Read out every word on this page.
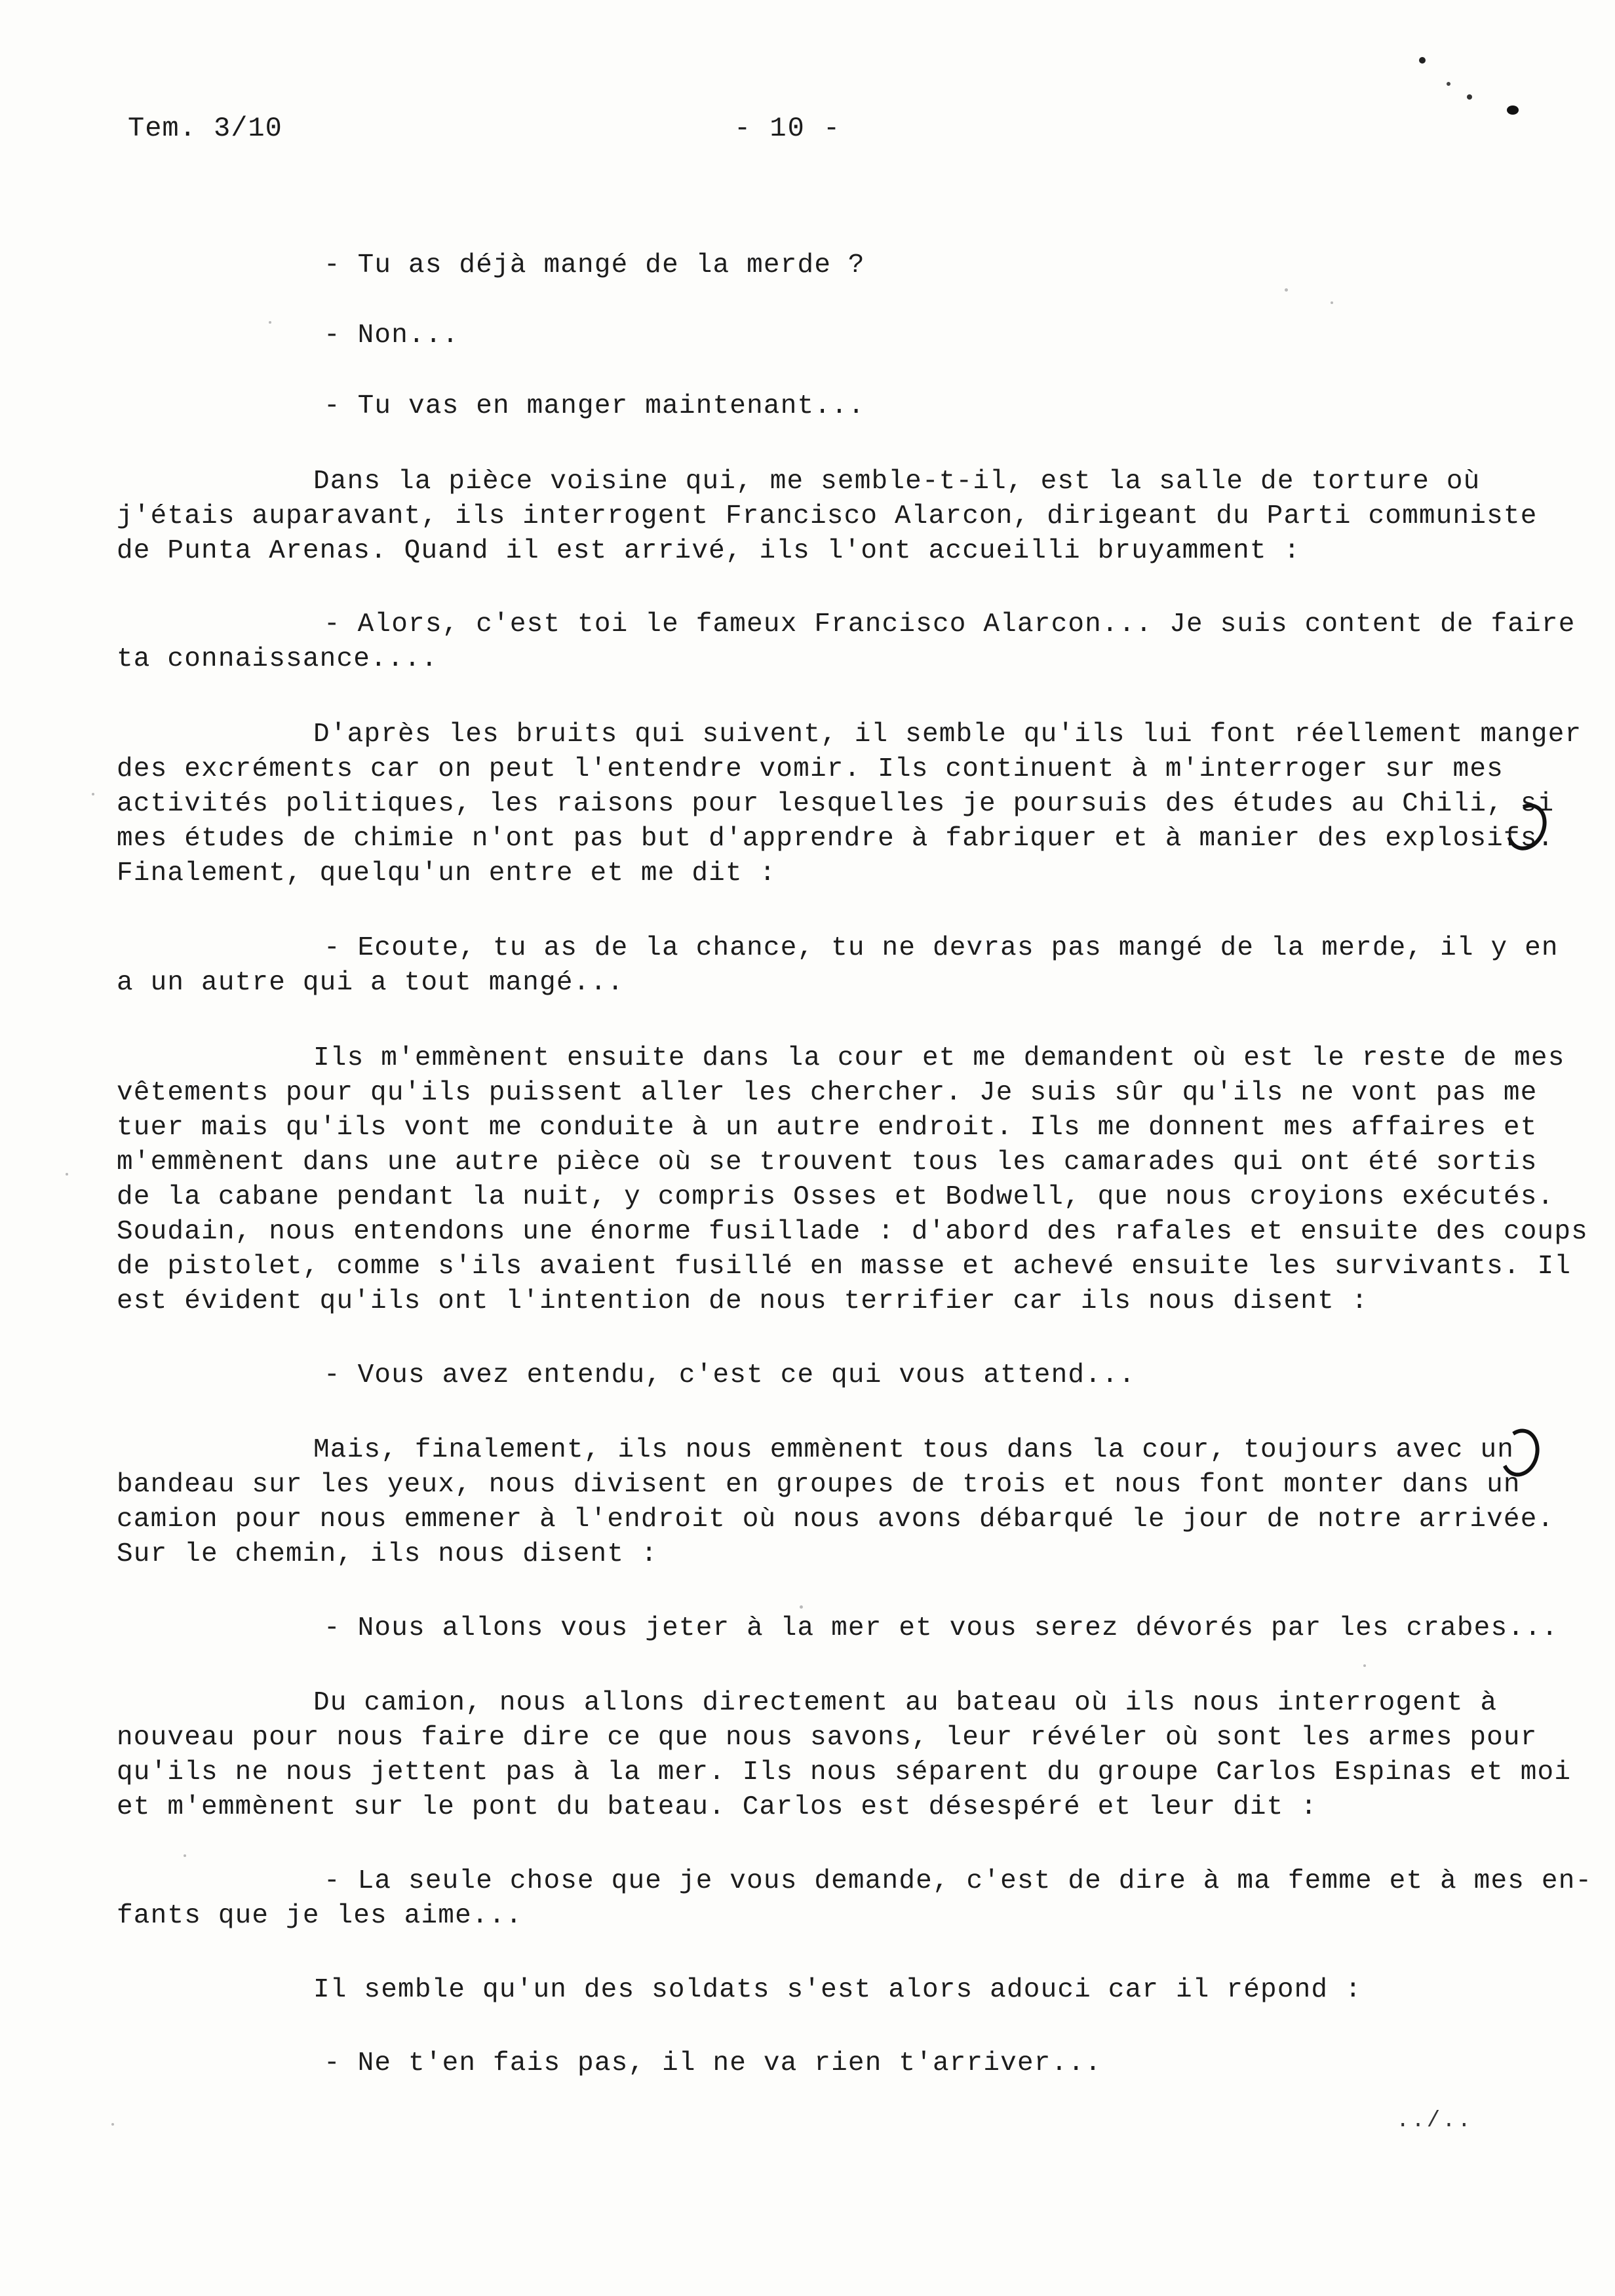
Tem. 3/10	- 10 -
- Tu as déjà mangé de la merde ?
- Non...
- Tu vas en manger maintenant...
Dans la pièce voisine qui, me semble-t-il, est la salle de torture où
j'étais auparavant, ils interrogent Francisco Alarcon, dirigeant du Parti communiste
de Punta Arenas. Quand il est arrivé, ils l'ont accueilli bruyamment :
- Alors, c'est toi le fameux Francisco Alarcon... Je suis content de faire
ta connaissance....
D'après les bruits qui suivent, il semble qu'ils lui font réellement manger
des excréments car on peut l'entendre vomir. Ils continuent à m'interroger sur mes
activités politiques, les raisons pour lesquelles je poursuis des études au Chili, si
mes études de chimie n'ont pas but d'apprendre à fabriquer et à manier des explosifs.
Finalement, quelqu'un entre et me dit :
- Ecoute, tu as de la chance, tu ne devras pas mangé de la merde, il y en
a un autre qui a tout mangé...
Ils m'emmènent ensuite dans la cour et me demandent où est le reste de mes
vêtements pour qu'ils puissent aller les chercher. Je suis sûr qu'ils ne vont pas me
tuer mais qu'ils vont me conduite à un autre endroit. Ils me donnent mes affaires et
m'emmènent dans une autre pièce où se trouvent tous les camarades qui ont été sortis
de la cabane pendant la nuit, y compris Osses et Bodwell, que nous croyions exécutés.
Soudain, nous entendons une énorme fusillade : d'abord des rafales et ensuite des coups
de pistolet, comme s'ils avaient fusillé en masse et achevé ensuite les survivants. Il
est évident qu'ils ont l'intention de nous terrifier car ils nous disent :
- Vous avez entendu, c'est ce qui vous attend...
Mais, finalement, ils nous emmènent tous dans la cour, toujours avec un
bandeau sur les yeux, nous divisent en groupes de trois et nous font monter dans un
camion pour nous emmener à l'endroit où nous avons débarqué le jour de notre arrivée.
Sur le chemin, ils nous disent :
- Nous allons vous jeter à la mer et vous serez dévorés par les crabes...
Du camion, nous allons directement au bateau où ils nous interrogent à
nouveau pour nous faire dire ce que nous savons, leur révéler où sont les armes pour
qu'ils ne nous jettent pas à la mer. Ils nous séparent du groupe Carlos Espinas et moi
et m'emmènent sur le pont du bateau. Carlos est désespéré et leur dit :
- La seule chose que je vous demande, c'est de dire à ma femme et à mes en-
fants que je les aime...
Il semble qu'un des soldats s'est alors adouci car il répond :
- Ne t'en fais pas, il ne va rien t'arriver...
../..
